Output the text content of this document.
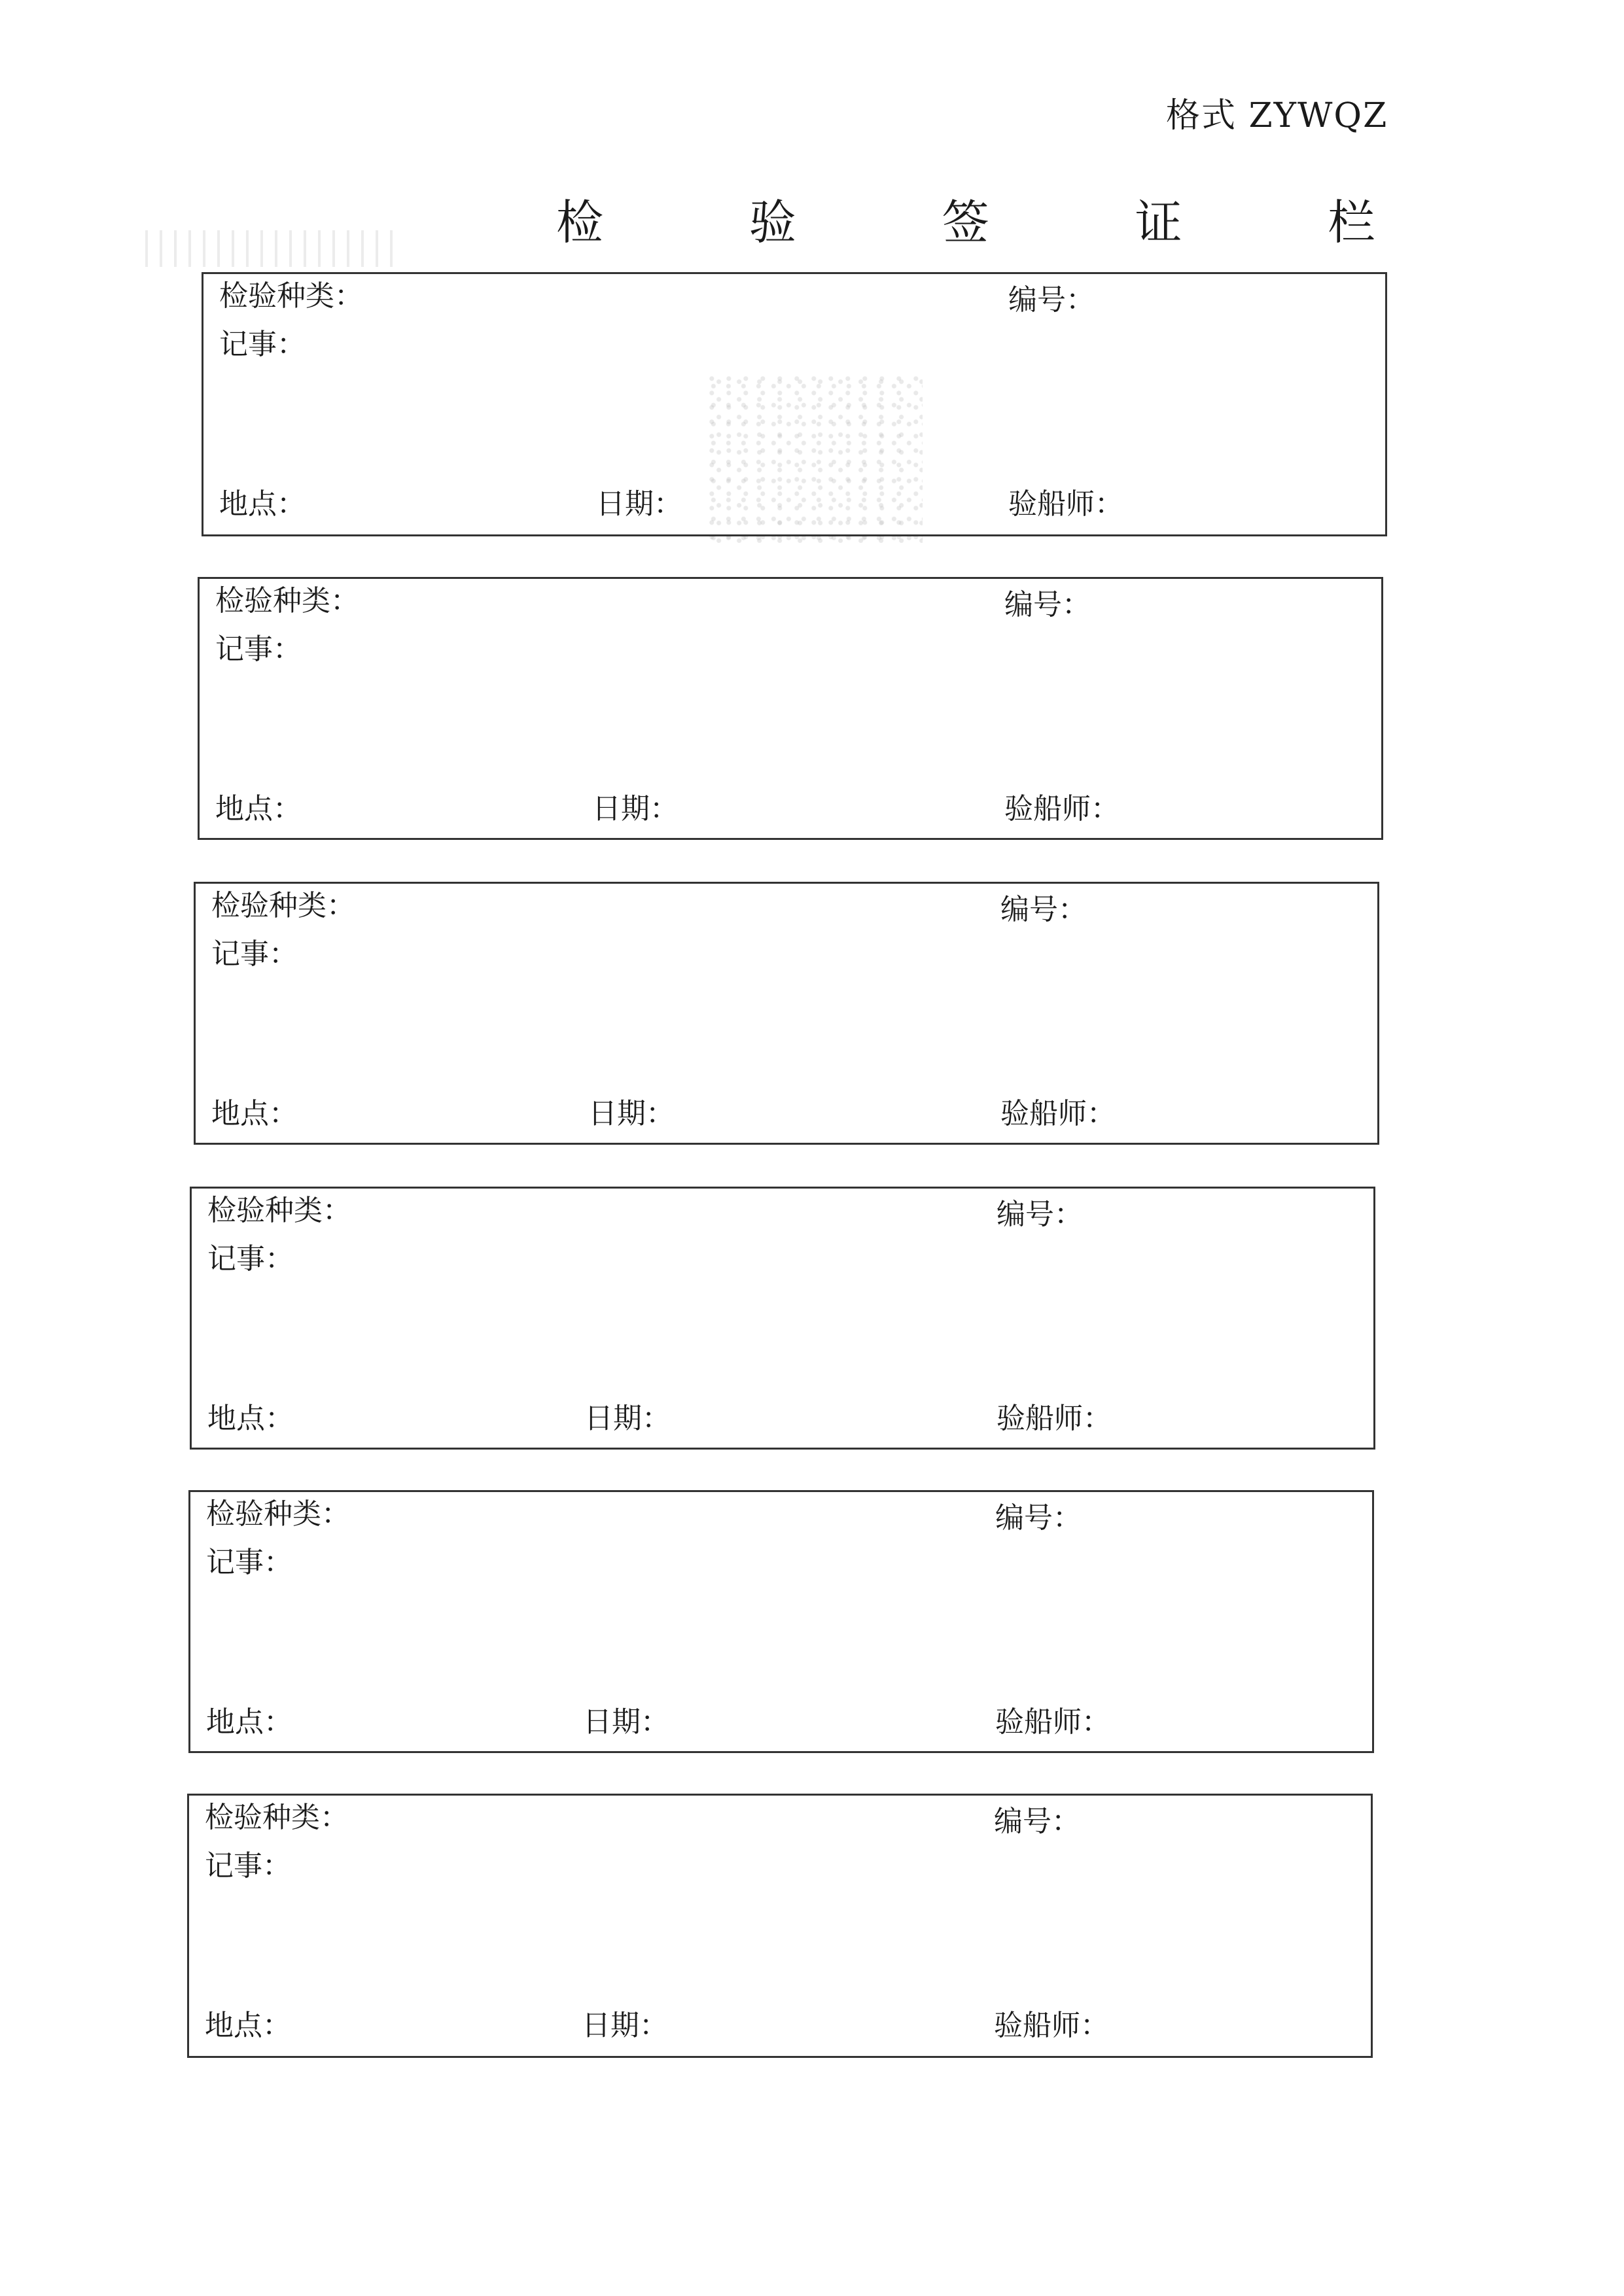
格式 ZYWQZ
检 验 签 证 栏
检验种类：	编号：
记事：
地点：	日期：	验船师：
检验种类：	编号：
记事：
地点：	日期：	验船师：
检验种类：	编号：
记事：
地点：	日期：	验船师：
检验种类：	编号：
记事：
地点：	日期：	验船师：
检验种类：	编号：
记事：
地点：	日期：	验船师：
检验种类：	编号：
记事：
地点：	日期：	验船师：
